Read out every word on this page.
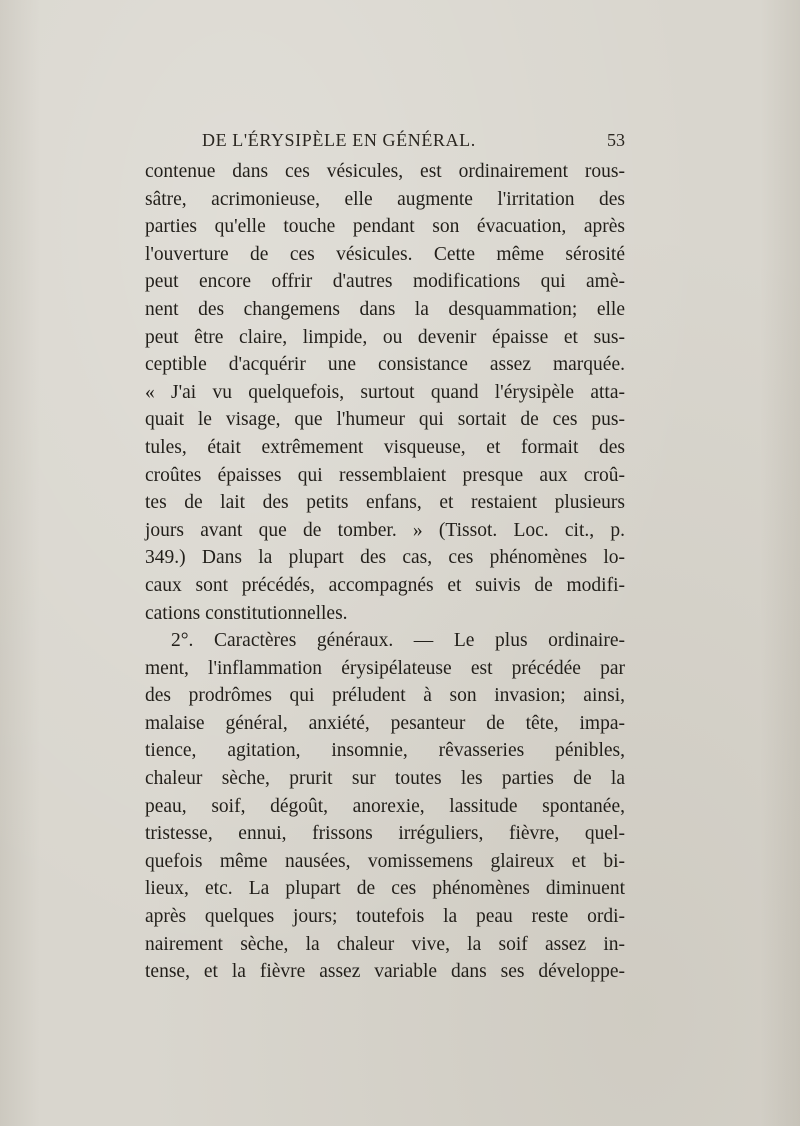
DE L'ÉRYSIPÈLE EN GÉNÉRAL.	53
contenue dans ces vésicules, est ordinairement rous-
sâtre, acrimonieuse, elle augmente l'irritation des
parties qu'elle touche pendant son évacuation, après
l'ouverture de ces vésicules. Cette même sérosité
peut encore offrir d'autres modifications qui amè-
nent des changemens dans la desquammation; elle
peut être claire, limpide, ou devenir épaisse et sus-
ceptible d'acquérir une consistance assez marquée.
« J'ai vu quelquefois, surtout quand l'érysipèle atta-
quait le visage, que l'humeur qui sortait de ces pus-
tules, était extrêmement visqueuse, et formait des
croûtes épaisses qui ressemblaient presque aux croû-
tes de lait des petits enfans, et restaient plusieurs
jours avant que de tomber. » (Tissot. Loc. cit., p.
349.) Dans la plupart des cas, ces phénomènes lo-
caux sont précédés, accompagnés et suivis de modifi-
cations constitutionnelles.
2°. Caractères généraux. — Le plus ordinaire-
ment, l'inflammation érysipélateuse est précédée par
des prodrômes qui préludent à son invasion; ainsi,
malaise général, anxiété, pesanteur de tête, impa-
tience, agitation, insomnie, rêvasseries pénibles,
chaleur sèche, prurit sur toutes les parties de la
peau, soif, dégoût, anorexie, lassitude spontanée,
tristesse, ennui, frissons irréguliers, fièvre, quel-
quefois même nausées, vomissemens glaireux et bi-
lieux, etc. La plupart de ces phénomènes diminuent
après quelques jours; toutefois la peau reste ordi-
nairement sèche, la chaleur vive, la soif assez in-
tense, et la fièvre assez variable dans ses développe-
